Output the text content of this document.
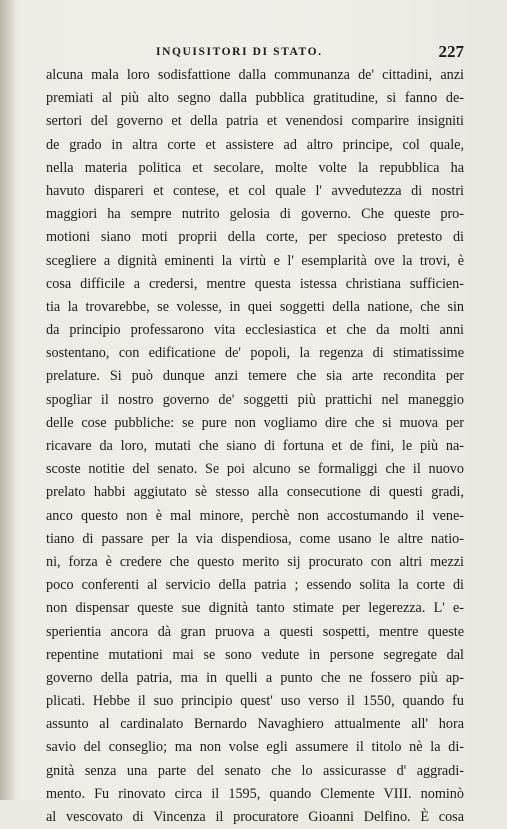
INQUISITORI DI STATO.	227
alcuna mala loro sodisfattione dalla communanza de' cittadini, anzi
premiati al più alto segno dalla pubblica gratitudine, si fanno de-
sertori del governo et della patria et venendosi comparire insigniti
de grado in altra corte et assistere ad altro principe, col quale,
nella materia politica et secolare, molte volte la repubblica ha
havuto dispareri et contese, et col quale l' avvedutezza di nostri
maggiori ha sempre nutrito gelosia di governo. Che queste pro-
motioni siano moti proprii della corte, per specioso pretesto di
scegliere a dignità eminenti la virtù e l' esemplarità ove la trovi, è
cosa difficile a credersi, mentre questa istessa christiana sufficien-
tia la trovarebbe, se volesse, in quei soggetti della natione, che sin
da principio professarono vita ecclesiastica et che da molti anni
sostentano, con edificatione de' popoli, la regenza di stimatissime
prelature. Si può dunque anzi temere che sia arte recondita per
spogliar il nostro governo de' soggetti più prattichi nel maneggio
delle cose pubbliche: se pure non vogliamo dire che si muova per
ricavare da loro, mutati che siano di fortuna et de fini, le più na-
scoste notitie del senato. Se poi alcuno se formaliggi che il nuovo
prelato habbi aggiutato sè stesso alla consecutione di questi gradi,
anco questo non è mal minore, perchè non accostumando il vene-
tiano di passare per la via dispendiosa, come usano le altre natio-
ni, forza è credere che questo merito sij procurato con altri mezzi
poco conferenti al servicio della patria ; essendo solita la corte di
non dispensar queste sue dignità tanto stimate per legerezza. L' e-
sperientia ancora dà gran pruova a questi sospetti, mentre queste
repentine mutationi mai se sono vedute in persone segregate dal
governo della patria, ma in quelli a punto che ne fossero più ap-
plicati. Hebbe il suo principio quest' uso verso il 1550, quando fu
assunto al cardinalato Bernardo Navaghiero attualmente all' hora
savio del conseglio; ma non volse egli assumere il titolo nè la di-
gnità senza una parte del senato che lo assicurasse d' aggradi-
mento. Fu rinovato circa il 1595, quando Clemente VIII. nominò
al vescovato di Vincenza il procuratore Gioanni Delfino. È cosa
